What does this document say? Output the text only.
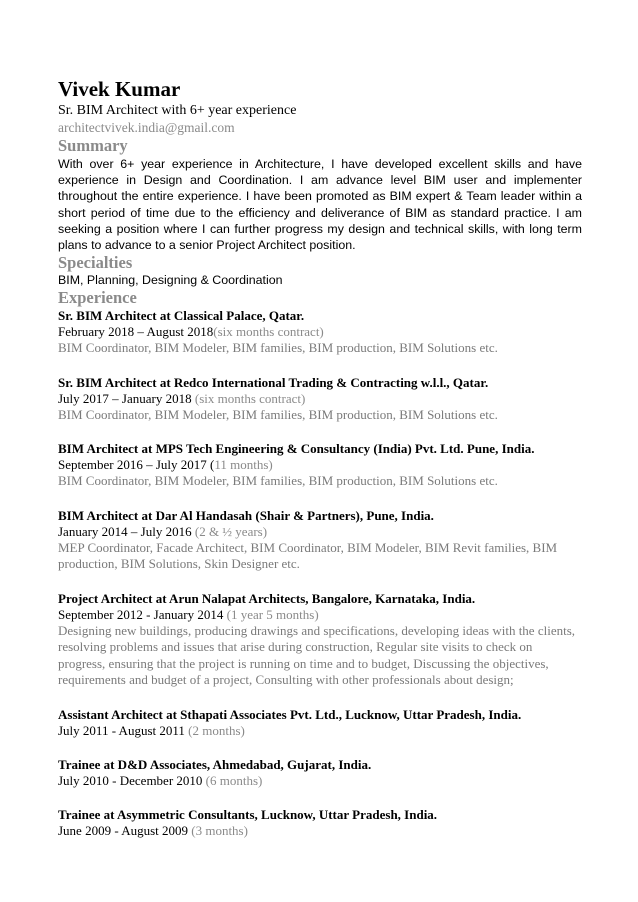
Vivek Kumar
Sr. BIM Architect with 6+ year experience
architectvivek.india@gmail.com
Summary

With over 6+ year experience in Architecture, I have developed excellent skills and have experience in Design and Coordination. I am advance level BIM user and implementer throughout the entire experience. I have been promoted as BIM expert & Team leader within a short period of time due to the efficiency and deliverance of BIM as standard practice. I am seeking a position where I can further progress my design and technical skills, with long term plans to advance to a senior Project Architect position.

Specialties

BIM, Planning, Designing & Coordination

Experience
Sr. BIM Architect at Classical Palace, Qatar.
February 2018 – August 2018(six months contract)
BIM Coordinator, BIM Modeler, BIM families, BIM production, BIM Solutions etc.
Sr. BIM Architect at Redco International Trading & Contracting w.l.l., Qatar.
July 2017 – January 2018 (six months contract)
BIM Coordinator, BIM Modeler, BIM families, BIM production, BIM Solutions etc.
BIM Architect at MPS Tech Engineering & Consultancy (India) Pvt. Ltd. Pune, India.
September 2016 – July 2017 (11 months)
BIM Coordinator, BIM Modeler, BIM families, BIM production, BIM Solutions etc.
BIM Architect at Dar Al Handasah (Shair & Partners), Pune, India.
January 2014 – July 2016 (2 & ½ years)
MEP Coordinator, Facade Architect, BIM Coordinator, BIM Modeler, BIM Revit families, BIM production, BIM Solutions, Skin Designer etc.
Project Architect at Arun Nalapat Architects, Bangalore, Karnataka, India.
September 2012 - January 2014 (1 year 5 months)
Designing new buildings, producing drawings and specifications, developing ideas with the clients, resolving problems and issues that arise during construction, Regular site visits to check on progress, ensuring that the project is running on time and to budget, Discussing the objectives, requirements and budget of a project, Consulting with other professionals about design;
Assistant Architect at Sthapati Associates Pvt. Ltd., Lucknow, Uttar Pradesh, India.
July 2011 - August 2011 (2 months)
Trainee at D&D Associates, Ahmedabad, Gujarat, India.
July 2010 - December 2010 (6 months)
Trainee at Asymmetric Consultants, Lucknow, Uttar Pradesh, India.
June 2009 - August 2009 (3 months)
